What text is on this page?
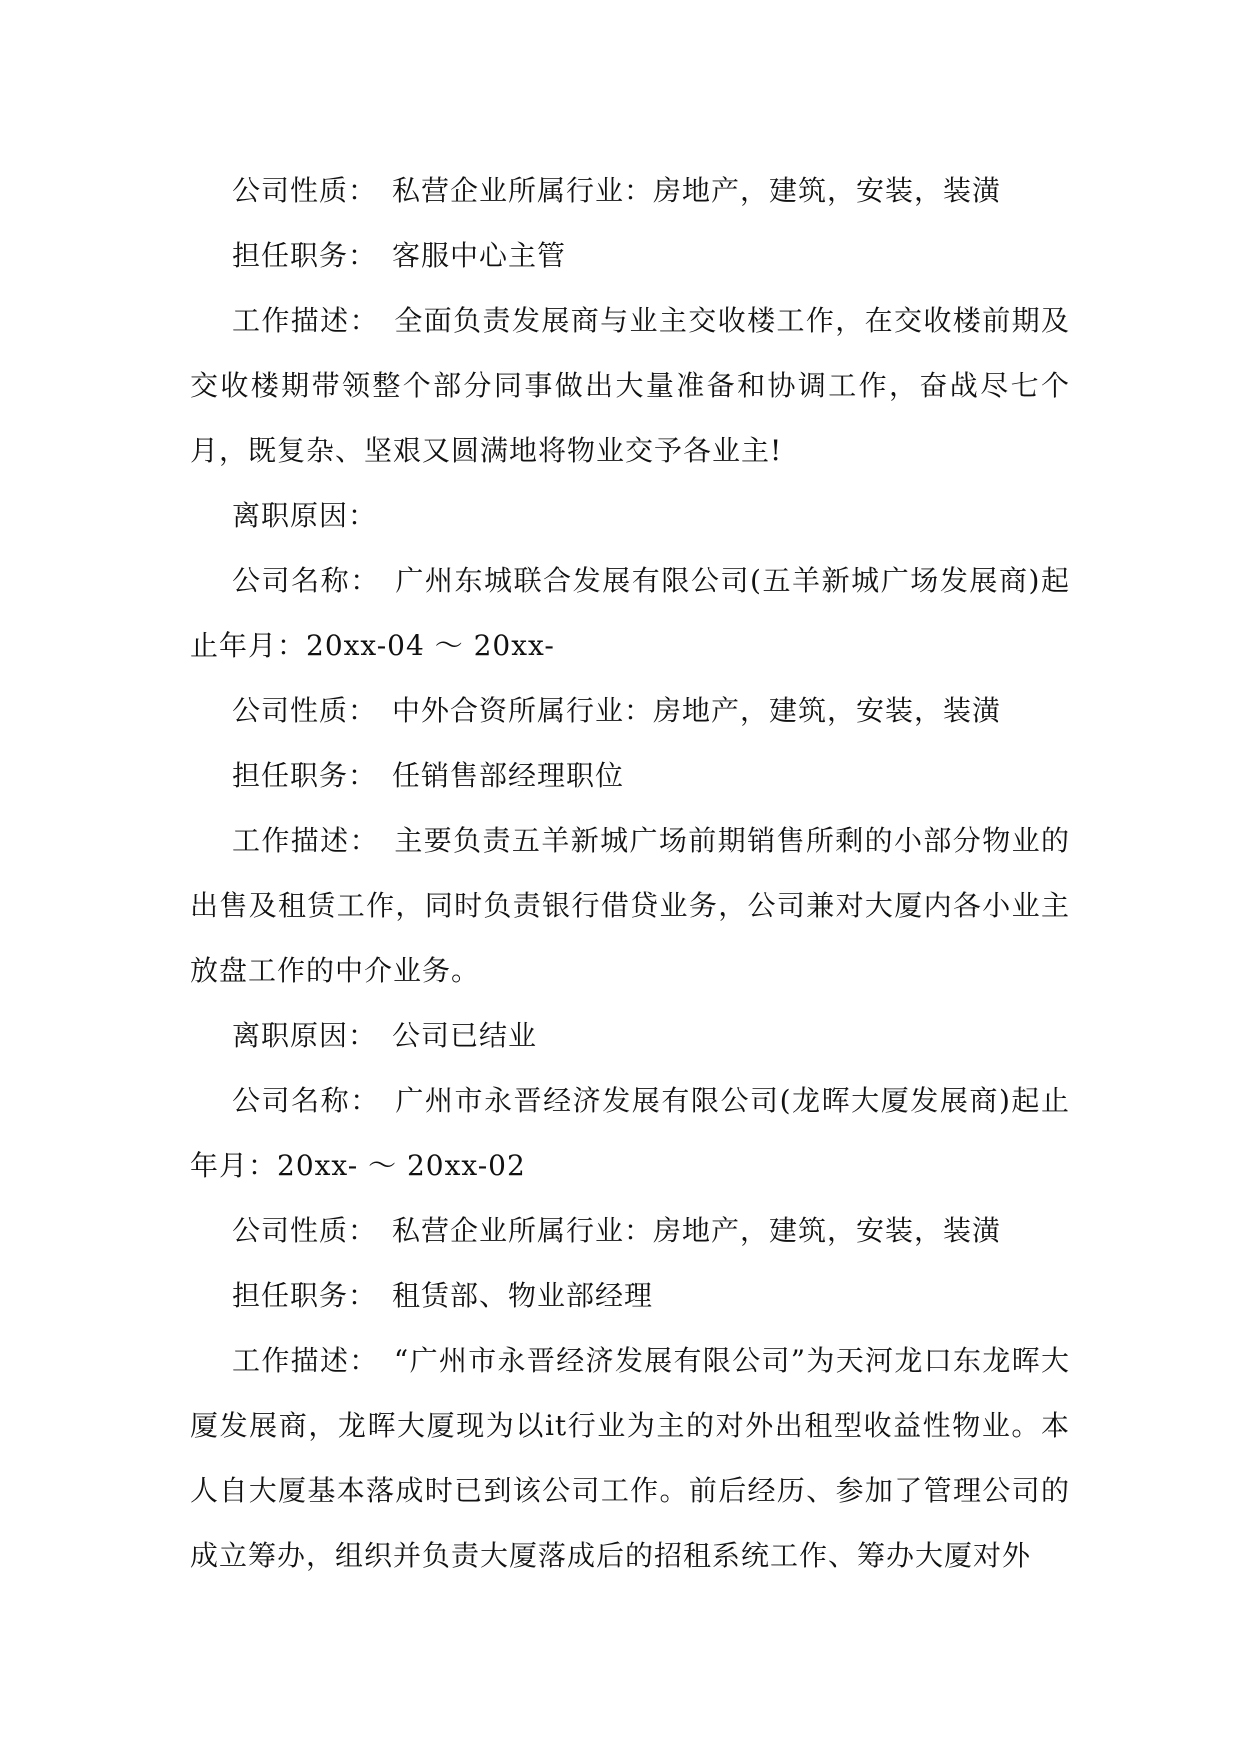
公司性质：　私营企业所属行业：房地产，建筑，安装，装潢

担任职务：　客服中心主管

工作描述：　全面负责发展商与业主交收楼工作，在交收楼前期及交收楼期带领整个部分同事做出大量准备和协调工作，奋战尽七个月，既复杂、坚艰又圆满地将物业交予各业主!

离职原因：

公司名称：　广州东城联合发展有限公司(五羊新城广场发展商)起止年月：20xx-04 ～ 20xx-

公司性质：　中外合资所属行业：房地产，建筑，安装，装潢

担任职务：　任销售部经理职位

工作描述：　主要负责五羊新城广场前期销售所剩的小部分物业的出售及租赁工作，同时负责银行借贷业务，公司兼对大厦内各小业主放盘工作的中介业务。

离职原因：　公司已结业

公司名称：　广州市永晋经济发展有限公司(龙晖大厦发展商)起止年月：20xx- ～ 20xx-02

公司性质：　私营企业所属行业：房地产，建筑，安装，装潢

担任职务：　租赁部、物业部经理

工作描述：　“广州市永晋经济发展有限公司”为天河龙口东龙晖大厦发展商，龙晖大厦现为以it行业为主的对外出租型收益性物业。本人自大厦基本落成时已到该公司工作。前后经历、参加了管理公司的成立筹办，组织并负责大厦落成后的招租系统工作、筹办大厦对外
